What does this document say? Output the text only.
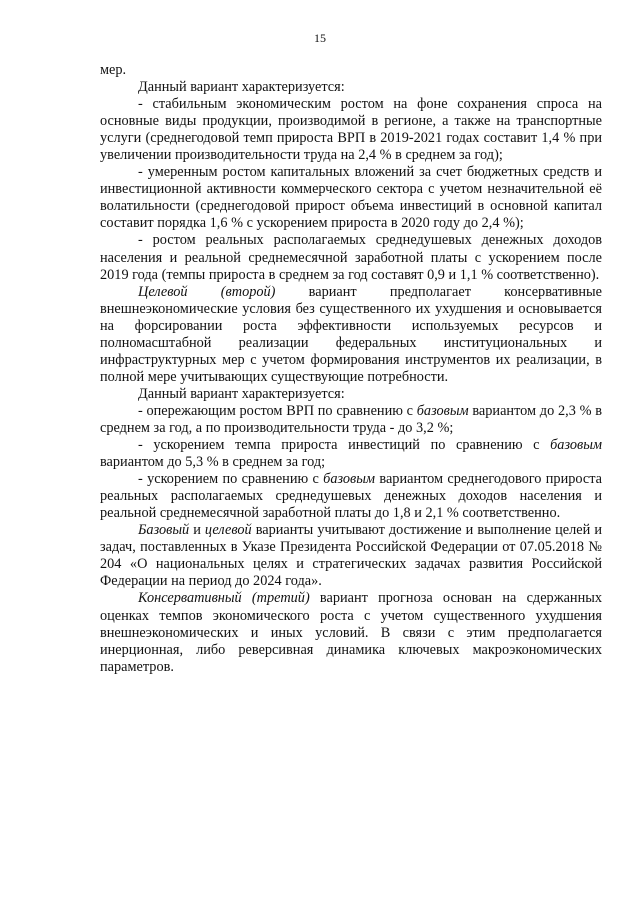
15

мер.

Данный вариант характеризуется:

- стабильным экономическим ростом на фоне сохранения спроса на основные виды продукции, производимой в регионе, а также на транспортные услуги (среднегодовой темп прироста ВРП в 2019-2021 годах составит 1,4 % при увеличении производительности труда на 2,4 % в среднем за год);

- умеренным ростом капитальных вложений за счет бюджетных средств и инвестиционной активности коммерческого сектора с учетом незначительной её волатильности (среднегодовой прирост объема инвестиций в основной капитал составит порядка 1,6 % с ускорением прироста в 2020 году до 2,4 %);

- ростом реальных располагаемых среднедушевых денежных доходов населения и реальной среднемесячной заработной платы с ускорением после 2019 года (темпы прироста в среднем за год составят 0,9 и 1,1 % соответственно).

Целевой (второй) вариант предполагает консервативные внешнеэкономические условия без существенного их ухудшения и основывается на форсировании роста эффективности используемых ресурсов и полномасштабной реализации федеральных институциональных и инфраструктурных мер с учетом формирования инструментов их реализации, в полной мере учитывающих существующие потребности.

Данный вариант характеризуется:

- опережающим ростом ВРП по сравнению с базовым вариантом до 2,3 % в среднем за год, а по производительности труда - до 3,2 %;

- ускорением темпа прироста инвестиций по сравнению с базовым вариантом до 5,3 % в среднем за год;

- ускорением по сравнению с базовым вариантом среднегодового прироста реальных располагаемых среднедушевых денежных доходов населения и реальной среднемесячной заработной платы до 1,8 и 2,1 % соответственно.

Базовый и целевой варианты учитывают достижение и выполнение целей и задач, поставленных в Указе Президента Российской Федерации от 07.05.2018 № 204 «О национальных целях и стратегических задачах развития Российской Федерации на период до 2024 года».

Консервативный (третий) вариант прогноза основан на сдержанных оценках темпов экономического роста с учетом существенного ухудшения внешнеэкономических и иных условий. В связи с этим предполагается инерционная, либо реверсивная динамика ключевых макроэкономических параметров.
